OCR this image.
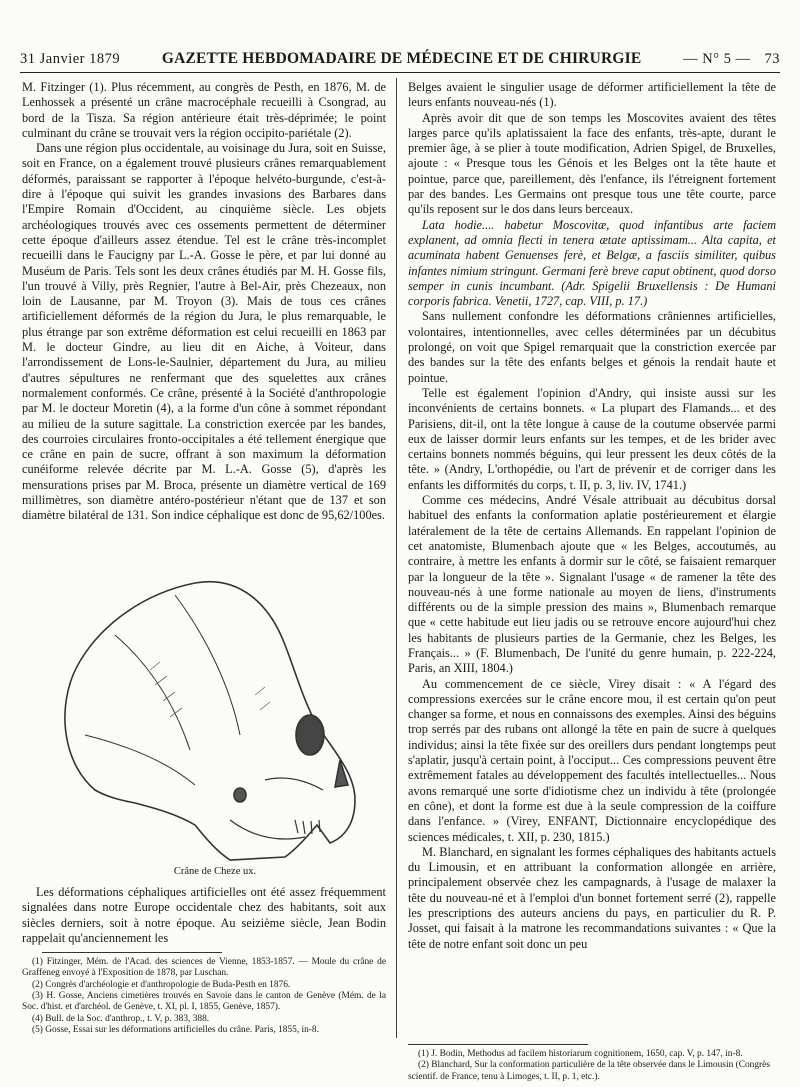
31 Janvier 1879	GAZETTE HEBDOMADAIRE DE MÉDECINE ET DE CHIRURGIE	— N° 5 — 73

M. Fitzinger (1). Plus récemment, au congrès de Pesth, en 1876, M. de Lenhossek a présenté un crâne macrocéphale recueilli à Csongrad, au bord de la Tisza. Sa région antérieure était très-déprimée; le point culminant du crâne se trouvait vers la région occipito-pariétale (2).

Dans une région plus occidentale, au voisinage du Jura, soit en Suisse, soit en France, on a également trouvé plusieurs crânes remarquablement déformés, paraissant se rapporter à l'époque helvéto-burgunde, c'est-à-dire à l'époque qui suivit les grandes invasions des Barbares dans l'Empire Romain d'Occident, au cinquième siècle. Les objets archéologiques trouvés avec ces ossements permettent de déterminer cette époque d'ailleurs assez étendue. Tel est le crâne très-incomplet recueilli dans le Faucigny par L.-A. Gosse le père, et par lui donné au Muséum de Paris. Tels sont les deux crânes étudiés par M. H. Gosse fils, l'un trouvé à Villy, près Regnier, l'autre à Bel-Air, près Chezeaux, non loin de Lausanne, par M. Troyon (3). Mais de tous ces crânes artificiellement déformés de la région du Jura, le plus remarquable, le plus étrange par son extrême déformation est celui recueilli en 1863 par M. le docteur Gindre, au lieu dit en Aiche, à Voiteur, dans l'arrondissement de Lons-le-Saulnier, département du Jura, au milieu d'autres sépultures ne renfermant que des squelettes aux crânes normalement conformés. Ce crâne, présenté à la Société d'anthropologie par M. le docteur Moretin (4), a la forme d'un cône à sommet répondant au milieu de la suture sagittale. La constriction exercée par les bandes, des courroies circulaires fronto-occipitales a été tellement énergique que ce crâne en pain de sucre, offrant à son maximum la déformation cunéiforme relevée décrite par M. L.-A. Gosse (5), d'après les mensurations prises par M. Broca, présente un diamètre vertical de 169 millimètres, son diamètre antéro-postérieur n'étant que de 137 et son diamètre bilatéral de 131. Son indice céphalique est donc de 95,62/100es.

Crâne de Cheze ux.

Les déformations céphaliques artificielles ont été assez fréquemment signalées dans notre Europe occidentale chez des habitants, soit aux siècles derniers, soit à notre époque. Au seizième siècle, Jean Bodin rappelait qu'anciennement les

(1) Fitzinger, Mém. de l'Acad. des sciences de Vienne, 1853-1857. — Moule du crâne de Graffeneg envoyé à l'Exposition de 1878, par Luschan.

(2) Congrès d'archéologie et d'anthropologie de Buda-Pesth en 1876.

(3) H. Gosse, Anciens cimetières trouvés en Savoie dans le canton de Genève (Mém. de la Soc. d'hist. et d'archéol. de Genève, t. XI, pl. I, 1855, Genève, 1857).

(4) Bull. de la Soc. d'anthrop., t. V, p. 383, 388.

(5) Gosse, Essai sur les déformations artificielles du crâne. Paris, 1855, in-8.

Belges avaient le singulier usage de déformer artificiellement la tête de leurs enfants nouveau-nés (1).

Après avoir dit que de son temps les Moscovites avaient des têtes larges parce qu'ils aplatissaient la face des enfants, très-apte, durant le premier âge, à se plier à toute modification, Adrien Spigel, de Bruxelles, ajoute : « Presque tous les Génois et les Belges ont la tête haute et pointue, parce que, pareillement, dès l'enfance, ils l'étreignent fortement par des bandes. Les Germains ont presque tous une tête courte, parce qu'ils reposent sur le dos dans leurs berceaux.

Lata hodie.... habetur Moscovitæ, quod infantibus arte faciem explanent, ad omnia flecti in tenera ætate aptissimam... Alta capita, et acuminata habent Genuenses ferè, et Belgæ, a fasciis similiter, quibus infantes nimium stringunt. Germani ferè breve caput obtinent, quod dorso semper in cunis incumbant. (Adr. Spigelii Bruxellensis : De Humani corporis fabrica. Venetii, 1727, cap. VIII, p. 17.)

Sans nullement confondre les déformations crâniennes artificielles, volontaires, intentionnelles, avec celles déterminées par un décubitus prolongé, on voit que Spigel remarquait que la constriction exercée par des bandes sur la tête des enfants belges et génois la rendait haute et pointue.

Telle est également l'opinion d'Andry, qui insiste aussi sur les inconvénients de certains bonnets. « La plupart des Flamands... et des Parisiens, dit-il, ont la tête longue à cause de la coutume observée parmi eux de laisser dormir leurs enfants sur les tempes, et de les brider avec certains bonnets nommés béguins, qui leur pressent les deux côtés de la tête. » (Andry, L'orthopédie, ou l'art de prévenir et de corriger dans les enfants les difformités du corps, t. II, p. 3, liv. IV, 1741.)

Comme ces médecins, André Vésale attribuait au décubitus dorsal habituel des enfants la conformation aplatie postérieurement et élargie latéralement de la tête de certains Allemands. En rappelant l'opinion de cet anatomiste, Blumenbach ajoute que « les Belges, accoutumés, au contraire, à mettre les enfants à dormir sur le côté, se faisaient remarquer par la longueur de la tête ». Signalant l'usage « de ramener la tête des nouveau-nés à une forme nationale au moyen de liens, d'instruments différents ou de la simple pression des mains », Blumenbach remarque que « cette habitude eut lieu jadis ou se retrouve encore aujourd'hui chez les habitants de plusieurs parties de la Germanie, chez les Belges, les Français... » (F. Blumenbach, De l'unité du genre humain, p. 222-224, Paris, an XIII, 1804.)

Au commencement de ce siècle, Virey disait : « A l'égard des compressions exercées sur le crâne encore mou, il est certain qu'on peut changer sa forme, et nous en connaissons des exemples. Ainsi des béguins trop serrés par des rubans ont allongé la tête en pain de sucre à quelques individus; ainsi la tête fixée sur des oreillers durs pendant longtemps peut s'aplatir, jusqu'à certain point, à l'occiput... Ces compressions peuvent être extrêmement fatales au développement des facultés intellectuelles... Nous avons remarqué une sorte d'idiotisme chez un individu à tête (prolongée en cône), et dont la forme est due à la seule compression de la coiffure dans l'enfance. » (Virey, ENFANT, Dictionnaire encyclopédique des sciences médicales, t. XII, p. 230, 1815.)

M. Blanchard, en signalant les formes céphaliques des habitants actuels du Limousin, et en attribuant la conformation allongée en arrière, principalement observée chez les campagnards, à l'usage de malaxer la tête du nouveau-né et à l'emploi d'un bonnet fortement serré (2), rappelle les prescriptions des auteurs anciens du pays, en particulier du R. P. Josset, qui faisait à la matrone les recommandations suivantes : « Que la tête de notre enfant soit donc un peu

(1) J. Bodin, Methodus ad facilem historiarum cognitionem, 1650, cap. V, p. 147, in-8.

(2) Blanchard, Sur la conformation particulière de la tête observée dans le Limousin (Congrès scientif. de France, tenu à Limoges, t. II, p. 1, etc.).
